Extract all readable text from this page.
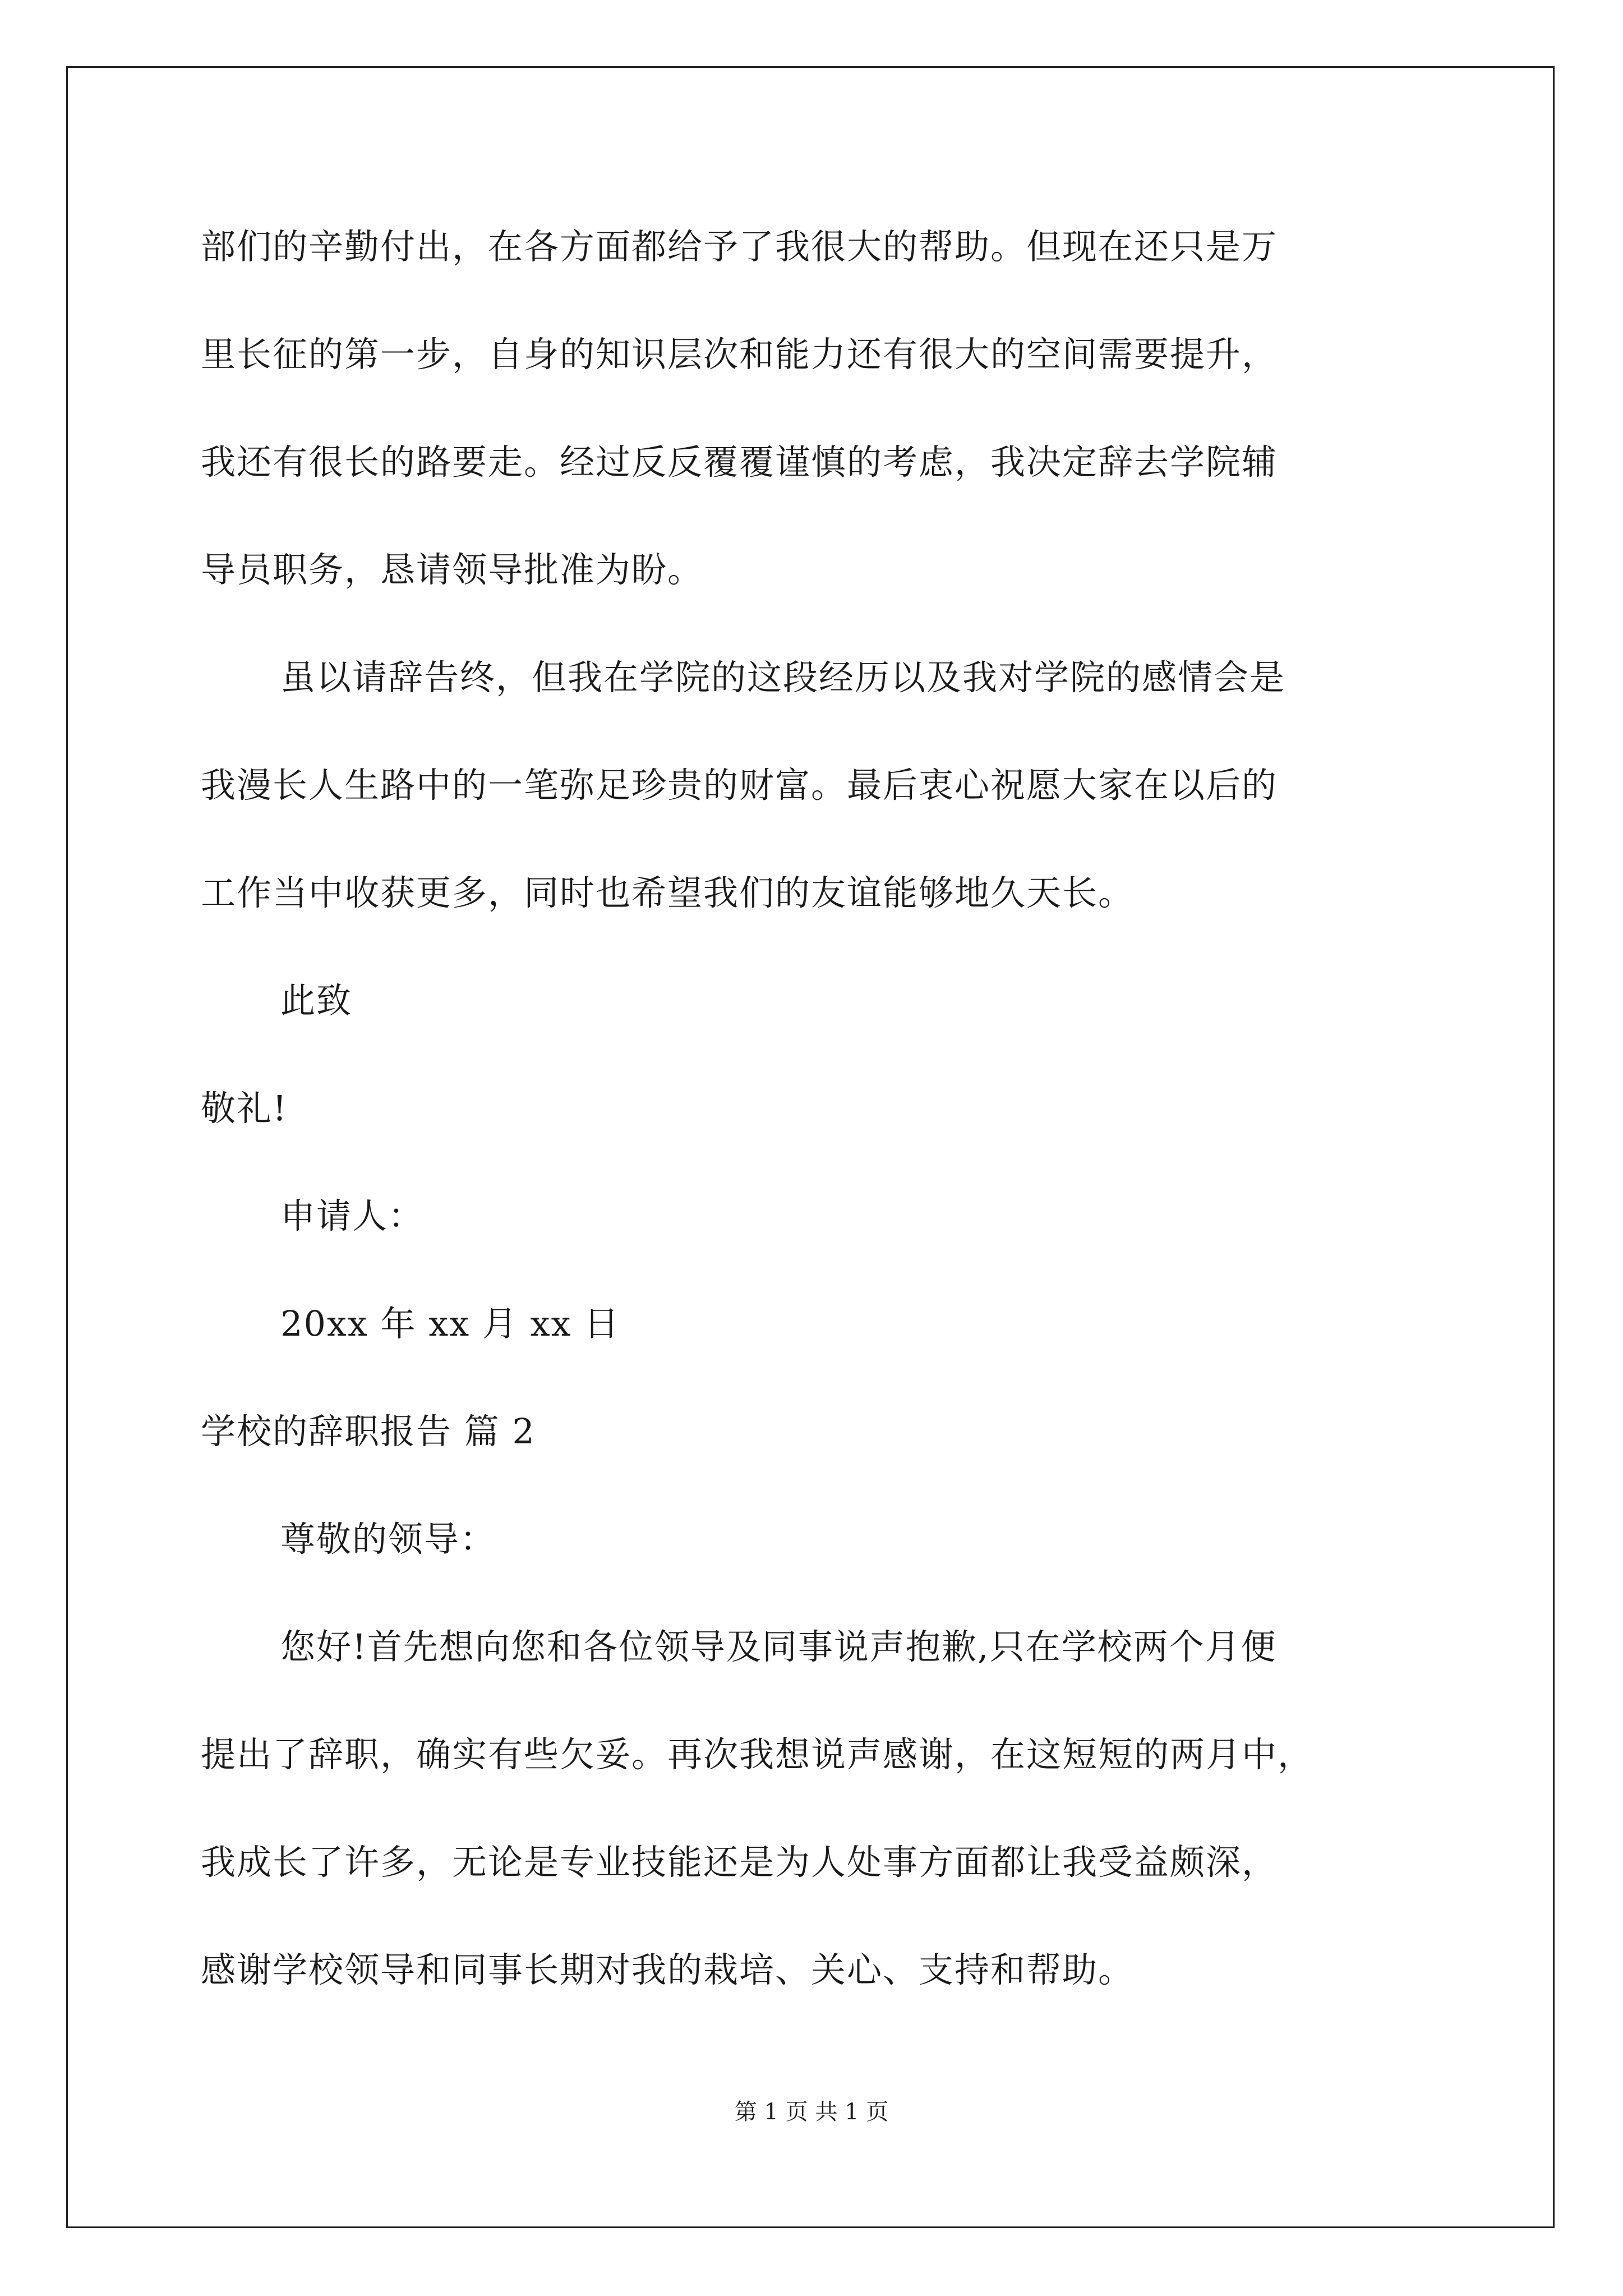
部们的辛勤付出，在各方面都给予了我很大的帮助。但现在还只是万
里长征的第一步，自身的知识层次和能力还有很大的空间需要提升，
我还有很长的路要走。经过反反覆覆谨慎的考虑，我决定辞去学院辅
导员职务，恳请领导批准为盼。
虽以请辞告终，但我在学院的这段经历以及我对学院的感情会是
我漫长人生路中的一笔弥足珍贵的财富。最后衷心祝愿大家在以后的
工作当中收获更多，同时也希望我们的友谊能够地久天长。
此致
敬礼!
申请人：
20xx 年 xx 月 xx 日
学校的辞职报告 篇 2
尊敬的领导：
您好!首先想向您和各位领导及同事说声抱歉,只在学校两个月便
提出了辞职，确实有些欠妥。再次我想说声感谢，在这短短的两月中，
我成长了许多，无论是专业技能还是为人处事方面都让我受益颇深，
感谢学校领导和同事长期对我的栽培、关心、支持和帮助。
第 1 页 共 1 页
